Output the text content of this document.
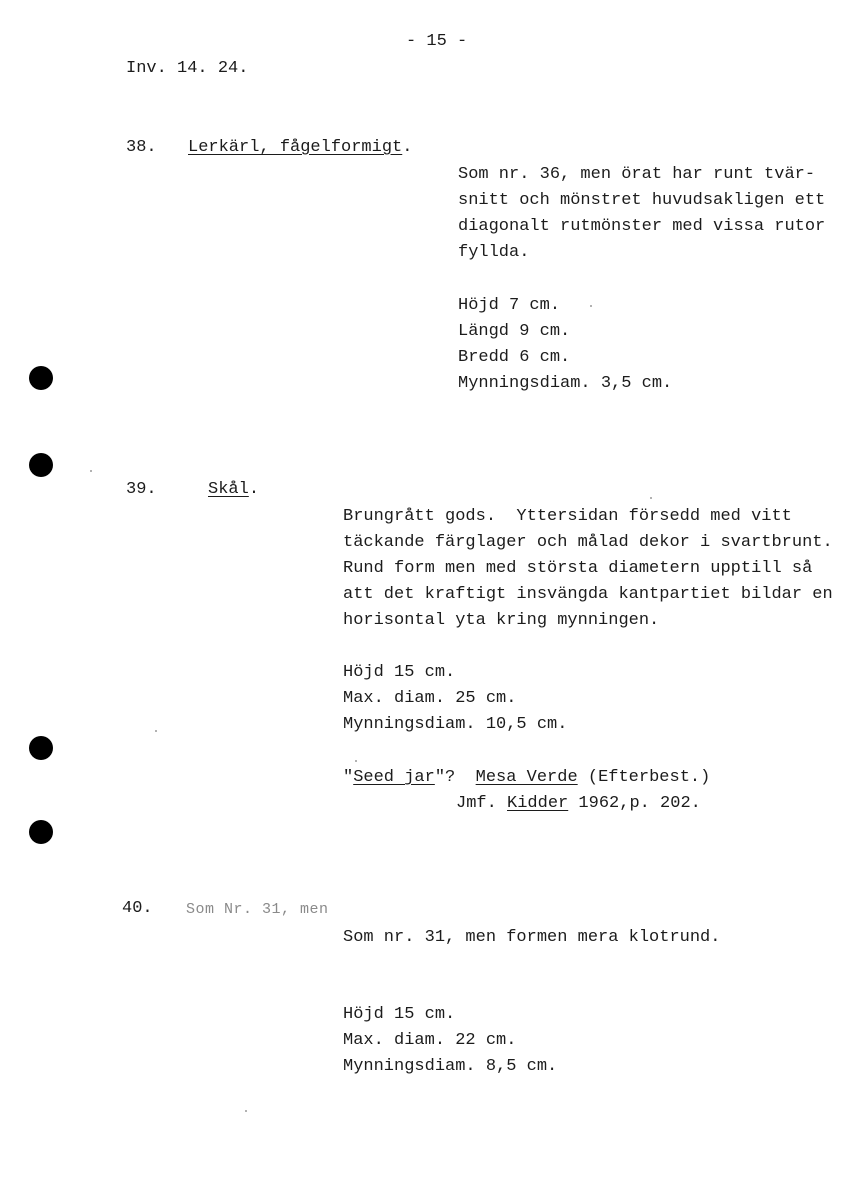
- 15 -
Inv. 14. 24.
38. Lerkärl, fågelformigt.
Som nr. 36, men örat har runt tvär-
snitt och mönstret huvudsakligen ett
diagonalt rutmönster med vissa rutor
fyllda.
Höjd 7 cm.
Längd 9 cm.
Bredd 6 cm.
Mynningsdiam. 3,5 cm.
39.	Skål.
Brungrått gods.  Yttersidan försedd med vitt
täckande färglager och målad dekor i svartbrunt.
Rund form men med största diametern upptill så
att det kraftigt insvängda kantpartiet bildar en
horisontal yta kring mynningen.
Höjd 15 cm.
Max. diam. 25 cm.
Mynningsdiam. 10,5 cm.
"Seed jar"? Mesa Verde (Efterbest.)
Jmf. Kidder 1962,p. 202.
40. Som Nr. 31, men
Som nr. 31, men formen mera klotrund.
Höjd 15 cm.
Max. diam. 22 cm.
Mynningsdiam. 8,5 cm.
